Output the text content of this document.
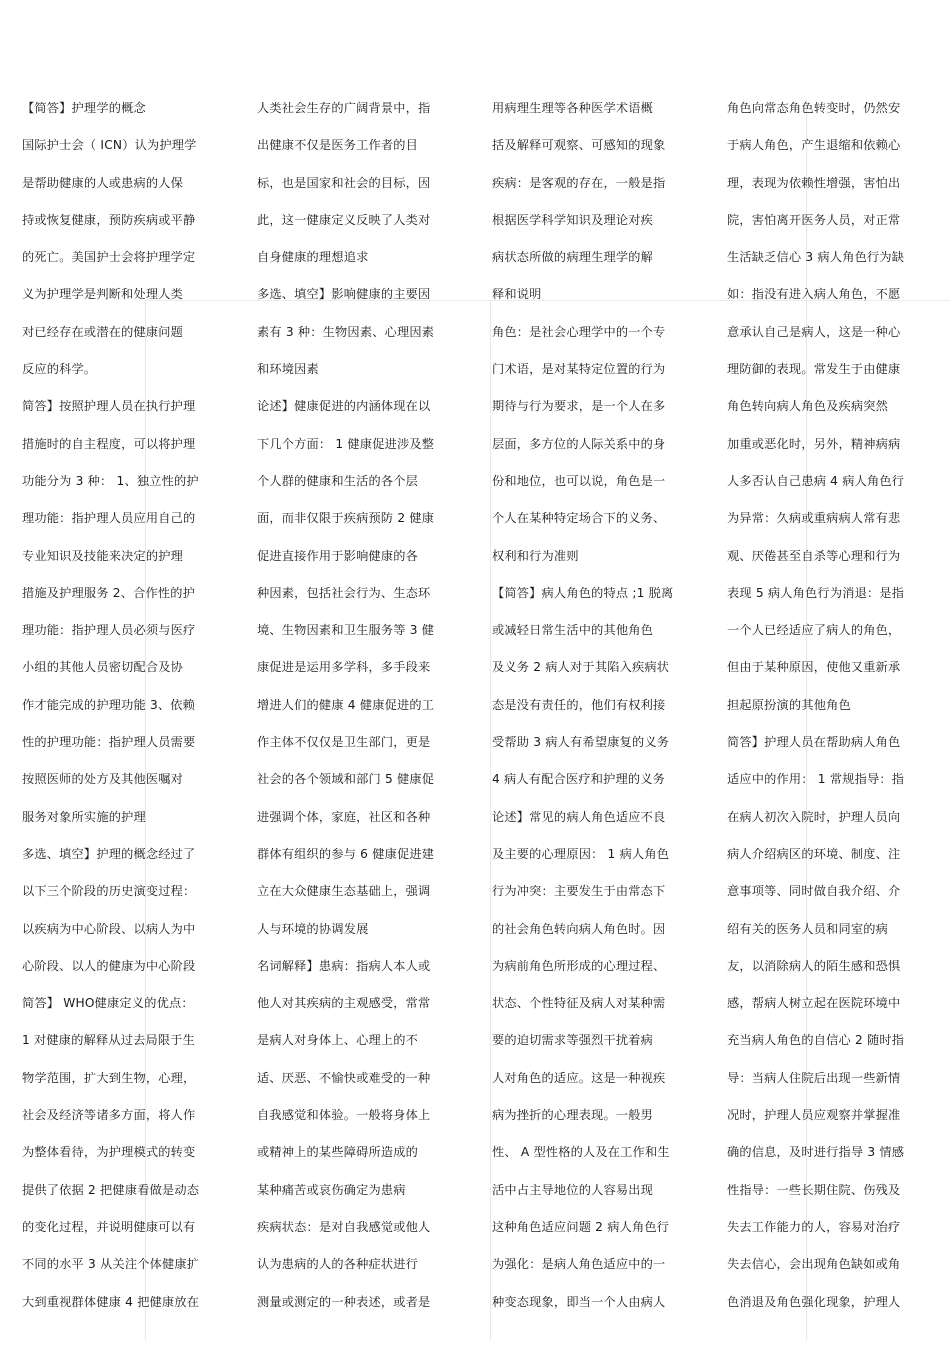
【简答】护理学的概念
国际护士会（ ICN）认为护理学
是帮助健康的人或患病的人保
持或恢复健康，预防疾病或平静
的死亡。美国护士会将护理学定
义为护理学是判断和处理人类
对已经存在或潜在的健康问题
反应的科学。
简答】按照护理人员在执行护理
措施时的自主程度，可以将护理
功能分为 3 种： 1、独立性的护
理功能：指护理人员应用自己的
专业知识及技能来决定的护理
措施及护理服务 2、合作性的护
理功能：指护理人员必须与医疗
小组的其他人员密切配合及协
作才能完成的护理功能 3、依赖
性的护理功能：指护理人员需要
按照医师的处方及其他医嘱对
服务对象所实施的护理
多选、填空】护理的概念经过了
以下三个阶段的历史演变过程：
以疾病为中心阶段、以病人为中
心阶段、以人的健康为中心阶段
简答】 WHO健康定义的优点：
1 对健康的解释从过去局限于生
物学范围，扩大到生物，心理，
社会及经济等诸多方面，将人作
为整体看待，为护理模式的转变
提供了依据 2 把健康看做是动态
的变化过程，并说明健康可以有
不同的水平 3 从关注个体健康扩
大到重视群体健康 4 把健康放在
人类社会生存的广阔背景中，指
出健康不仅是医务工作者的目
标，也是国家和社会的目标，因
此，这一健康定义反映了人类对
自身健康的理想追求
多选、填空】影响健康的主要因
素有 3 种：生物因素、心理因素
和环境因素
论述】健康促进的内涵体现在以
下几个方面： 1 健康促进涉及整
个人群的健康和生活的各个层
面，而非仅限于疾病预防 2 健康
促进直接作用于影响健康的各
种因素，包括社会行为、生态环
境、生物因素和卫生服务等 3 健
康促进是运用多学科，多手段来
增进人们的健康 4 健康促进的工
作主体不仅仅是卫生部门，更是
社会的各个领域和部门 5 健康促
进强调个体，家庭，社区和各种
群体有组织的参与 6 健康促进建
立在大众健康生态基础上，强调
人与环境的协调发展
名词解释】患病：指病人本人或
他人对其疾病的主观感受，常常
是病人对身体上、心理上的不
适、厌恶、不愉快或难受的一种
自我感觉和体验。一般将身体上
或精神上的某些障碍所造成的
某种痛苦或哀伤确定为患病
疾病状态：是对自我感觉或他人
认为患病的人的各种症状进行
测量或测定的一种表述，或者是
用病理生理等各种医学术语概
括及解释可观察、可感知的现象
疾病：是客观的存在，一般是指
根据医学科学知识及理论对疾
病状态所做的病理生理学的解
释和说明
角色：是社会心理学中的一个专
门术语，是对某特定位置的行为
期待与行为要求，是一个人在多
层面，多方位的人际关系中的身
份和地位，也可以说，角色是一
个人在某种特定场合下的义务、
权利和行为准则
【简答】病人角色的特点 ;1 脱离
或减轻日常生活中的其他角色
及义务 2 病人对于其陷入疾病状
态是没有责任的，他们有权利接
受帮助 3 病人有希望康复的义务
4 病人有配合医疗和护理的义务
论述】常见的病人角色适应不良
及主要的心理原因： 1 病人角色
行为冲突：主要发生于由常态下
的社会角色转向病人角色时。因
为病前角色所形成的心理过程、
状态、个性特征及病人对某种需
要的迫切需求等强烈干扰着病
人对角色的适应。这是一种视疾
病为挫折的心理表现。一般男
性、 A 型性格的人及在工作和生
活中占主导地位的人容易出现
这种角色适应问题 2 病人角色行
为强化：是病人角色适应中的一
种变态现象，即当一个人由病人
角色向常态角色转变时，仍然安
于病人角色，产生退缩和依赖心
理，表现为依赖性增强，害怕出
院，害怕离开医务人员，对正常
生活缺乏信心 3 病人角色行为缺
如：指没有进入病人角色，不愿
意承认自己是病人，这是一种心
理防御的表现。常发生于由健康
角色转向病人角色及疾病突然
加重或恶化时，另外，精神病病
人多否认自己患病 4 病人角色行
为异常：久病或重病病人常有悲
观、厌倦甚至自杀等心理和行为
表现 5 病人角色行为消退：是指
一个人已经适应了病人的角色，
但由于某种原因，使他又重新承
担起原扮演的其他角色
简答】护理人员在帮助病人角色
适应中的作用： 1 常规指导：指
在病人初次入院时，护理人员向
病人介绍病区的环境、制度、注
意事项等、同时做自我介绍、介
绍有关的医务人员和同室的病
友，以消除病人的陌生感和恐惧
感，帮病人树立起在医院环境中
充当病人角色的自信心 2 随时指
导：当病人住院后出现一些新情
况时，护理人员应观察并掌握准
确的信息，及时进行指导 3 情感
性指导：一些长期住院、伤残及
失去工作能力的人，容易对治疗
失去信心，会出现角色缺如或角
色消退及角色强化现象，护理人
